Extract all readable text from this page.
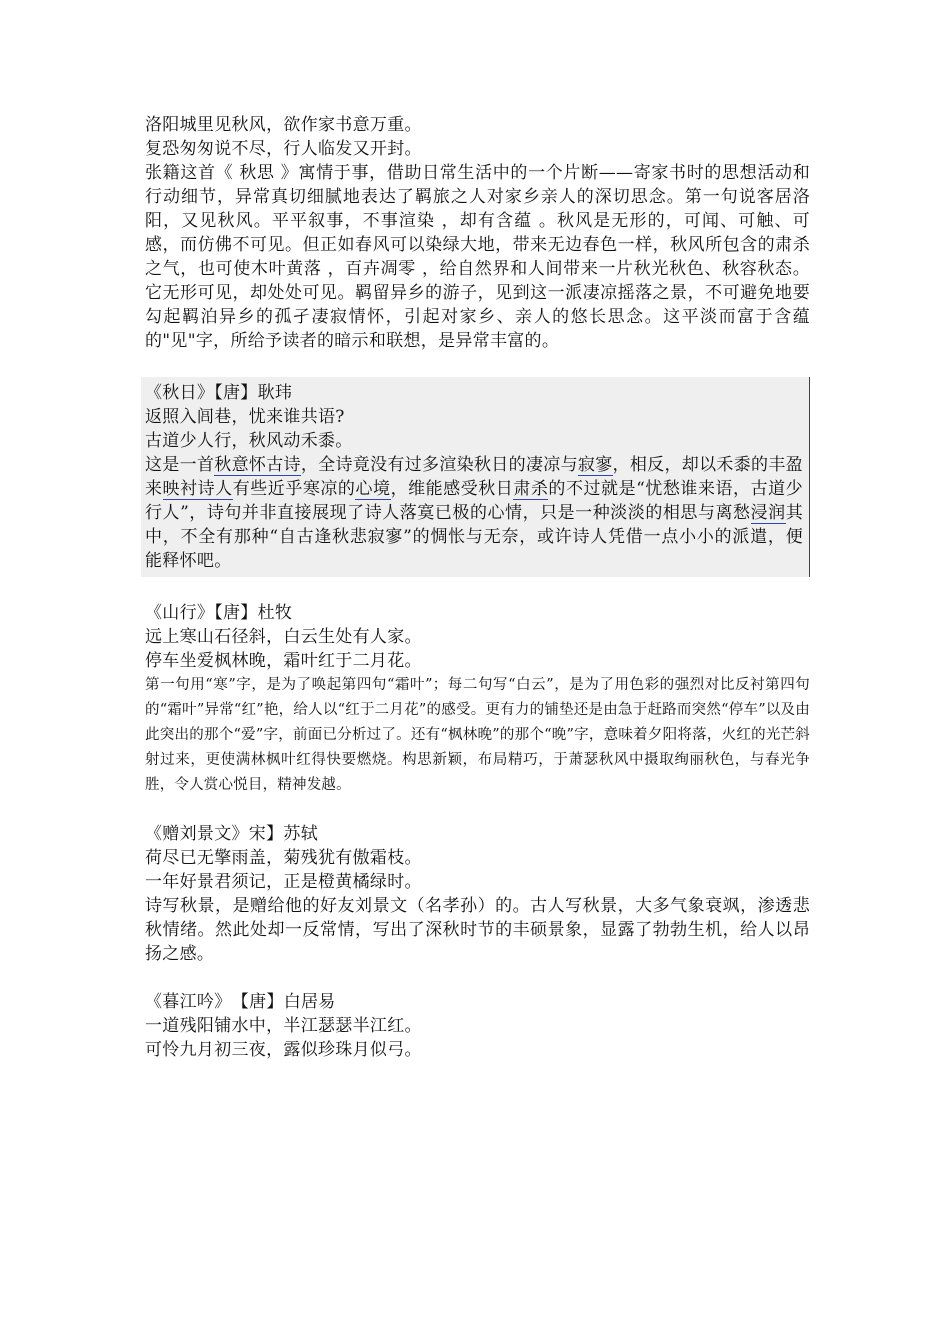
洛阳城里见秋风，欲作家书意万重。
复恐匆匆说不尽，行人临发又开封。
张籍这首《 秋思 》寓情于事，借助日常生活中的一个片断——寄家书时的思想活动和行动细节，异常真切细腻地表达了羁旅之人对家乡亲人的深切思念。第一句说客居洛阳，又见秋风。平平叙事，不事渲染 ，却有含蕴 。秋风是无形的，可闻、可触、可感，而仿佛不可见。但正如春风可以染绿大地，带来无边春色一样，秋风所包含的肃杀之气，也可使木叶黄落 ，百卉凋零 ，给自然界和人间带来一片秋光秋色、秋容秋态。它无形可见，却处处可见。羁留异乡的游子，见到这一派凄凉摇落之景，不可避免地要勾起羁泊异乡的孤孑凄寂情怀，引起对家乡、亲人的悠长思念。这平淡而富于含蕴的"见"字，所给予读者的暗示和联想，是异常丰富的。
《秋日》【唐】耿玮
返照入闾巷，忧来谁共语?
古道少人行，秋风动禾黍。
这是一首秋意怀古诗，全诗竟没有过多渲染秋日的凄凉与寂寥，相反，却以禾黍的丰盈来映衬诗人有些近乎寒凉的心境，维能感受秋日肃杀的不过就是“忧愁谁来语，古道少行人”，诗句并非直接展现了诗人落寞已极的心情，只是一种淡淡的相思与离愁浸润其中，不全有那种“自古逢秋悲寂寥”的惆怅与无奈，或许诗人凭借一点小小的派遣，便能释怀吧。
《山行》【唐】杜牧
远上寒山石径斜，白云生处有人家。
停车坐爱枫林晚，霜叶红于二月花。
第一句用“寒”字，是为了唤起第四句“霜叶”；每二句写“白云”，是为了用色彩的强烈对比反衬第四句的“霜叶”异常“红”艳，给人以“红于二月花”的感受。更有力的铺垫还是由急于赶路而突然“停车”以及由此突出的那个“爱”字，前面已分析过了。还有“枫林晚”的那个“晚”字，意味着夕阳将落，火红的光芒斜射过来，更使满林枫叶红得快要燃烧。构思新颖，布局精巧，于萧瑟秋风中摄取绚丽秋色，与春光争胜，令人赏心悦目，精神发越。
《赠刘景文》宋】苏轼
荷尽已无擎雨盖，菊残犹有傲霜枝。
一年好景君须记，正是橙黄橘绿时。
诗写秋景，是赠给他的好友刘景文（名孝孙）的。古人写秋景，大多气象衰飒，渗透悲秋情绪。然此处却一反常情，写出了深秋时节的丰硕景象，显露了勃勃生机，给人以昂扬之感。
《暮江吟》　【唐】白居易
一道残阳铺水中，半江瑟瑟半江红。
可怜九月初三夜，露似珍珠月似弓。
